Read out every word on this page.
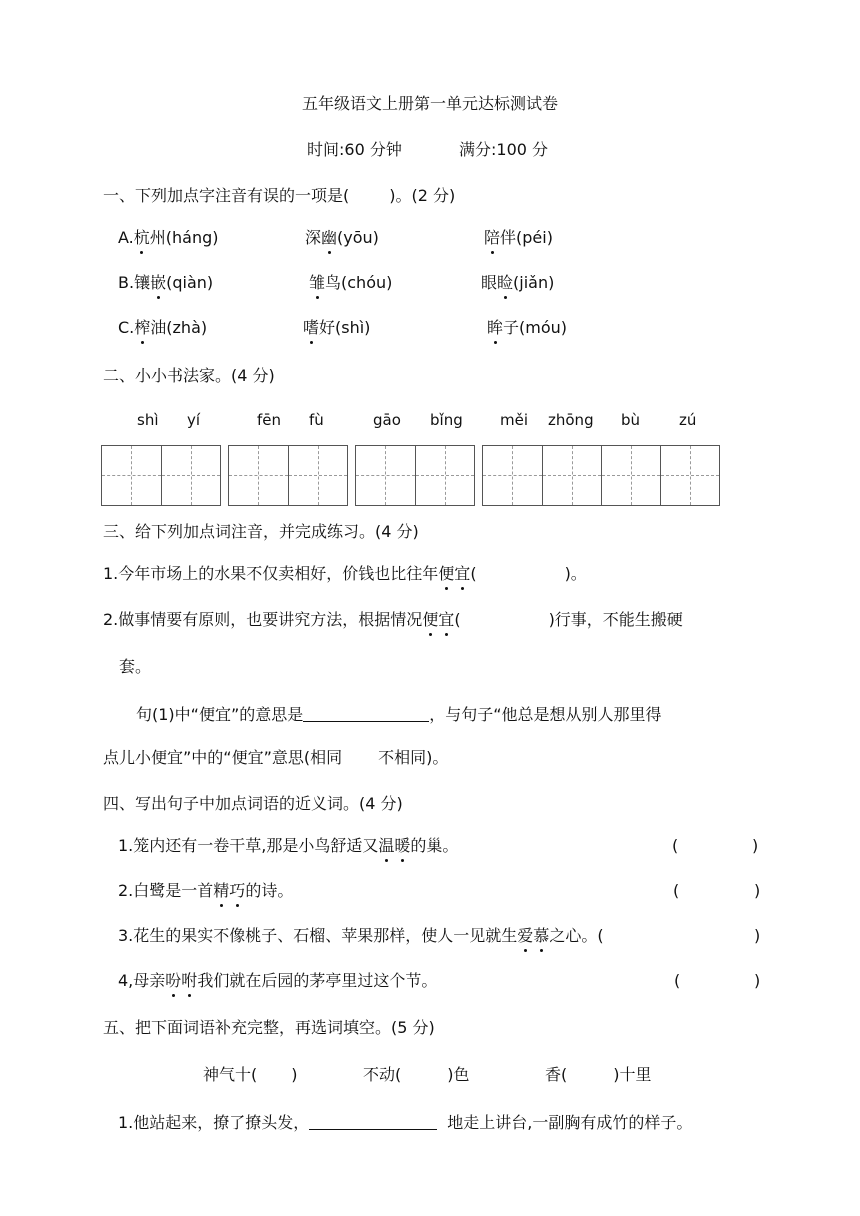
五年级语文上册第一单元达标测试卷
时间:60 分钟	满分:100 分
一、下列加点字注音有误的一项是(	)。(2 分)
A.杭州(háng)	深幽(yōu)	陪伴(péi)
B.镶嵌(qiàn)	雏鸟(chóu)	眼睑(jiǎn)
C.榨油(zhà)	嗜好(shì)	眸子(móu)
二、小小书法家。(4 分)
shì yí	fēn fù	gāo bǐng měi zhōng bù	zú
三、给下列加点词注音，并完成练习。(4 分)
1.今年市场上的水果不仅卖相好，价钱也比往年便宜(	)。
2.做事情要有原则，也要讲究方法，根据情况便宜(	)行事，不能生搬硬
套。
句(1)中“便宜”的意思是	，与句子“他总是想从别人那里得
点儿小便宜”中的“便宜”意思(相同 不相同)。
四、写出句子中加点词语的近义词。(4 分)
1.笼内还有一卷干草,那是小鸟舒适又温暖的巢。	(	)
2.白鹭是一首精巧的诗。	(	)
3.花生的果实不像桃子、石榴、苹果那样，使人一见就生爱慕之心。(	)
4,母亲吩咐我们就在后园的茅亭里过这个节。	(	)
五、把下面词语补充完整，再选词填空。(5 分)
神气十( )	不动(	)色	香(	)十里
1.他站起来，撩了撩头发，	地走上讲台,一副胸有成竹的样子。
